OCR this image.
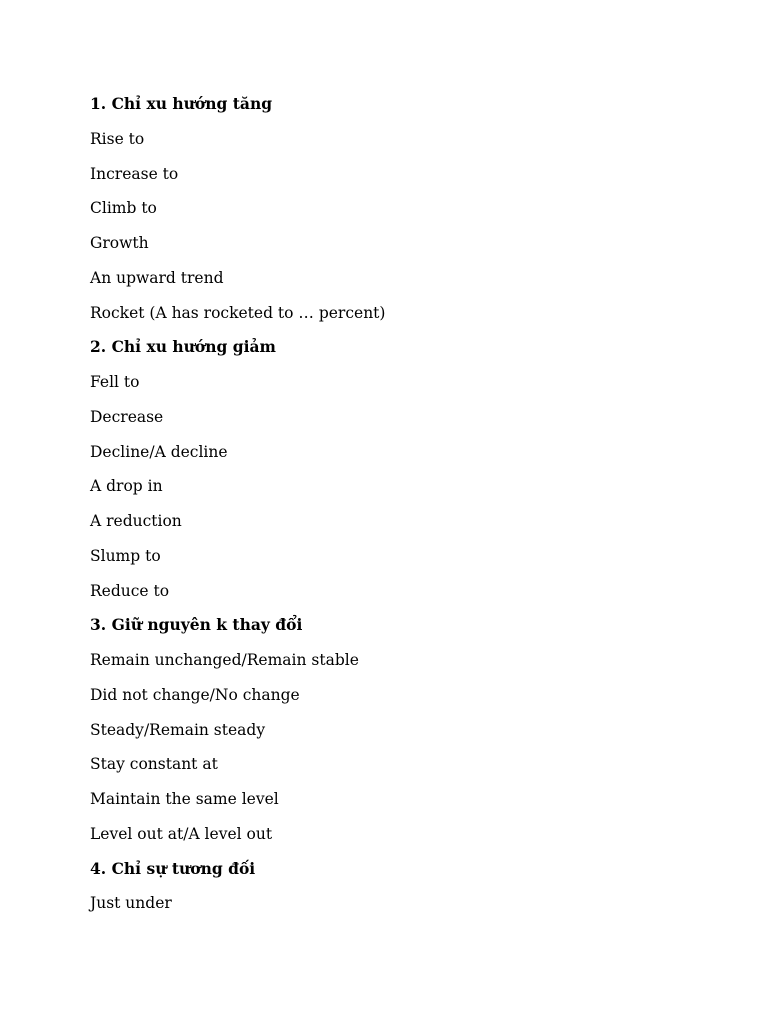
1. Chỉ xu hướng tăng
Rise to
Increase to
Climb to
Growth
An upward trend
Rocket (A has rocketed to … percent)
2. Chỉ xu hướng giảm
Fell to
Decrease
Decline/A decline
A drop in
A reduction
Slump to
Reduce to
3. Giữ nguyên k thay đổi
Remain unchanged/Remain stable
Did not change/No change
Steady/Remain steady
Stay constant at
Maintain the same level
Level out at/A level out
4. Chỉ sự tương đối
Just under
